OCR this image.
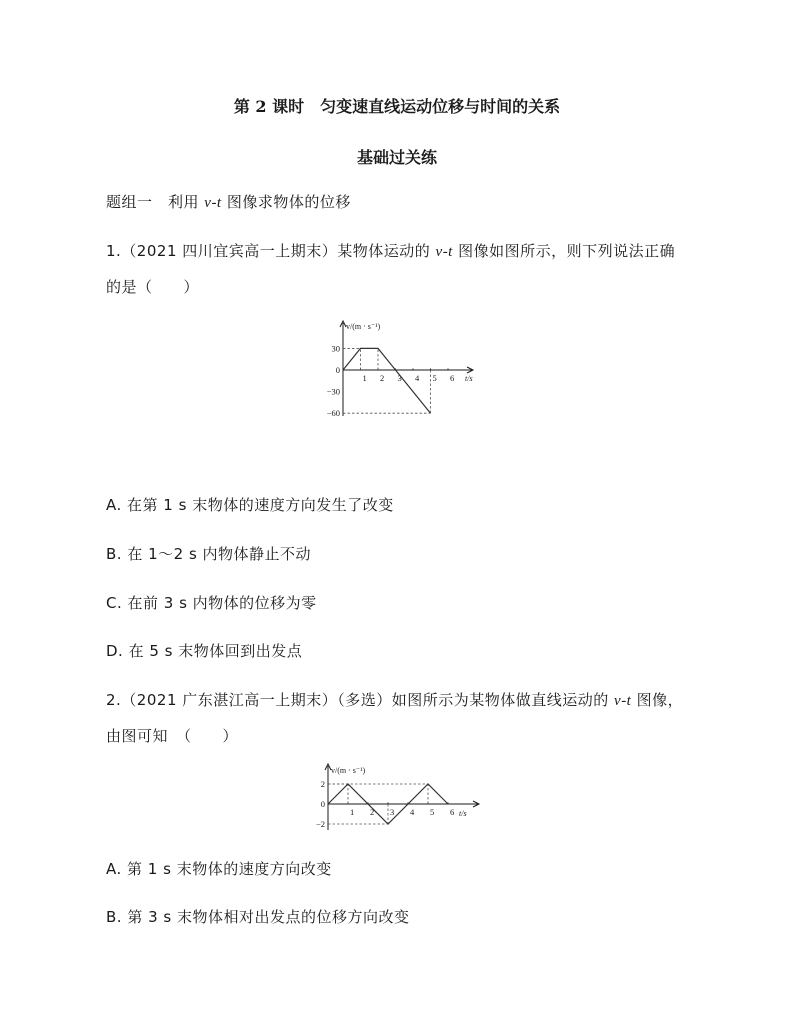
第 2 课时　匀变速直线运动位移与时间的关系
基础过关练
题组一　利用 v-t 图像求物体的位移
1.（2021 四川宜宾高一上期末）某物体运动的 v-t 图像如图所示，则下列说法正确
的是（　　）
v/(m · s⁻¹)
t/s
30
0
−30
−60
1 2 3 4 5 6
A. 在第 1 s 末物体的速度方向发生了改变
B. 在 1～2 s 内物体静止不动
C. 在前 3 s 内物体的位移为零
D. 在 5 s 末物体回到出发点
2.（2021 广东湛江高一上期末）（多选）如图所示为某物体做直线运动的 v-t 图像，
由图可知　（　　）
v/(m · s⁻¹)
t/s
2
0
−2
1 2 3 4 5 6
A. 第 1 s 末物体的速度方向改变
B. 第 3 s 末物体相对出发点的位移方向改变
